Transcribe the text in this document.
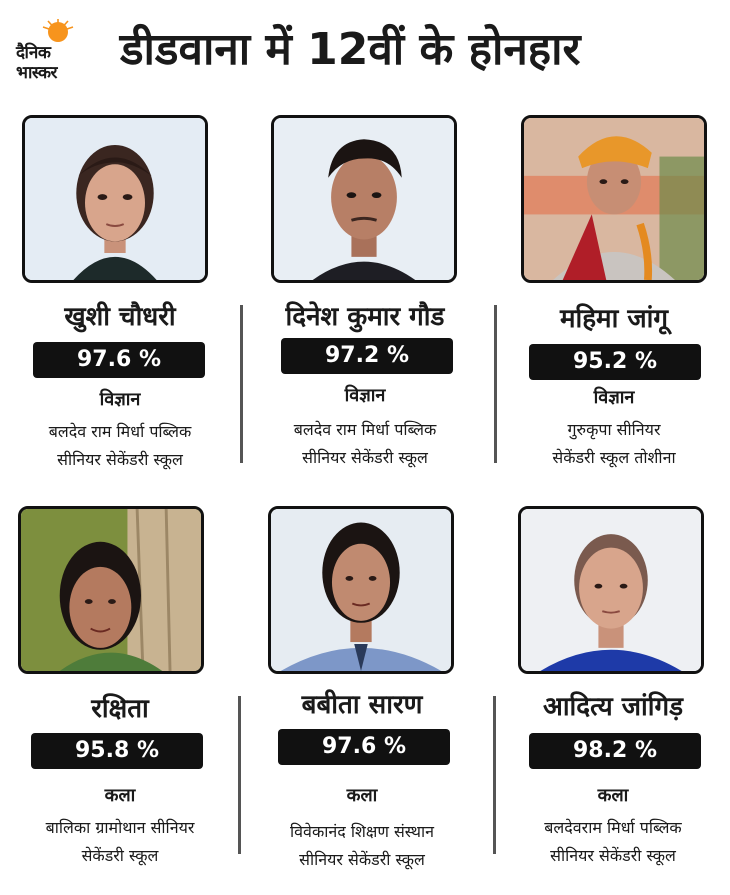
दैनिक
भास्कर डीडवाना में 12वीं के होनहार
खुशी चौधरी
97.6 %
विज्ञान
बलदेव राम मिर्धा पब्लिक
सीनियर सेकेंडरी स्कूल
दिनेश कुमार गौड
97.2 %
विज्ञान
बलदेव राम मिर्धा पब्लिक
सीनियर सेकेंडरी स्कूल
महिमा जांगू
95.2 %
विज्ञान
गुरुकृपा सीनियर
सेकेंडरी स्कूल तोशीना
रक्षिता
95.8 %
कला
बालिका ग्रामोथान सीनियर
सेकेंडरी स्कूल
बबीता सारण
97.6 %
कला
विवेकानंद शिक्षण संस्थान
सीनियर सेकेंडरी स्कूल
आदित्य जांगिड़
98.2 %
कला
बलदेवराम मिर्धा पब्लिक
सीनियर सेकेंडरी स्कूल
